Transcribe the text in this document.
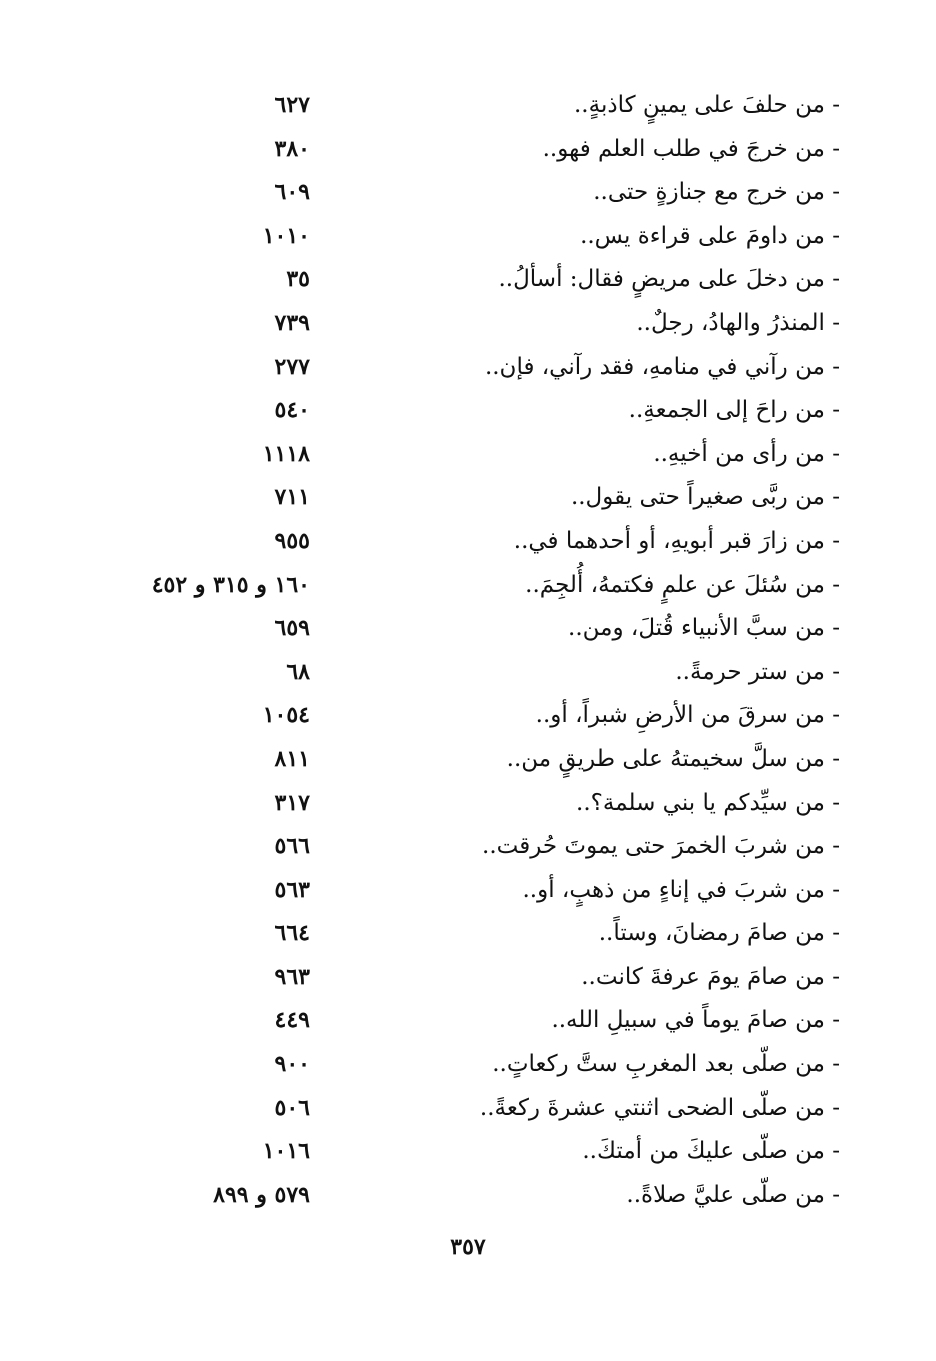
- من حلفَ على يمينٍ كاذبةٍ..
٦٢٧
- من خرجَ في طلب العلم فهو..
٣٨٠
- من خرج مع جنازةٍ حتى..
٦٠٩
- من داومَ على قراءة يس..
١٠١٠
- من دخلَ على مريضٍ فقال: أسألُ..
٣٥
- المنذرُ والهادُ، رجلٌ..
٧٣٩
- من رآني في منامهِ، فقد رآني، فإن..
٢٧٧
- من راحَ إلى الجمعةِ..
٥٤٠
- من رأى من أخيهِ..
١١١٨
- من ربَّى صغيراً حتى يقول..
٧١١
- من زارَ قبر أبويهِ، أو أحدهما في..
٩٥٥
- من سُئلَ عن علمٍ فكتمهُ، أُلجِمَ..
١٦٠ و ٣١٥ و ٤٥٢
- من سبَّ الأنبياء قُتلَ، ومن..
٦٥٩
- من ستر حرمةً..
٦٨
- من سرقَ من الأرضِ شبراً، أو..
١٠٥٤
- من سلَّ سخيمتهُ على طريقٍ من..
٨١١
- من سيِّدكم يا بني سلمة؟..
٣١٧
- من شربَ الخمرَ حتى يموتَ حُرقت..
٥٦٦
- من شربَ في إناءٍ من ذهبٍ، أو..
٥٦٣
- من صامَ رمضانَ، وستاً..
٦٦٤
- من صامَ يومَ عرفةَ كانت..
٩٦٣
- من صامَ يوماً في سبيلِ الله..
٤٤٩
- من صلّى بعد المغربِ ستَّ ركعاتٍ..
٩٠٠
- من صلّى الضحى اثنتي عشرةَ ركعةً..
٥٠٦
- من صلّى عليكَ من أمتكَ..
١٠١٦
- من صلّى عليَّ صلاةً..
٥٧٩ و ٨٩٩
٣٥٧
